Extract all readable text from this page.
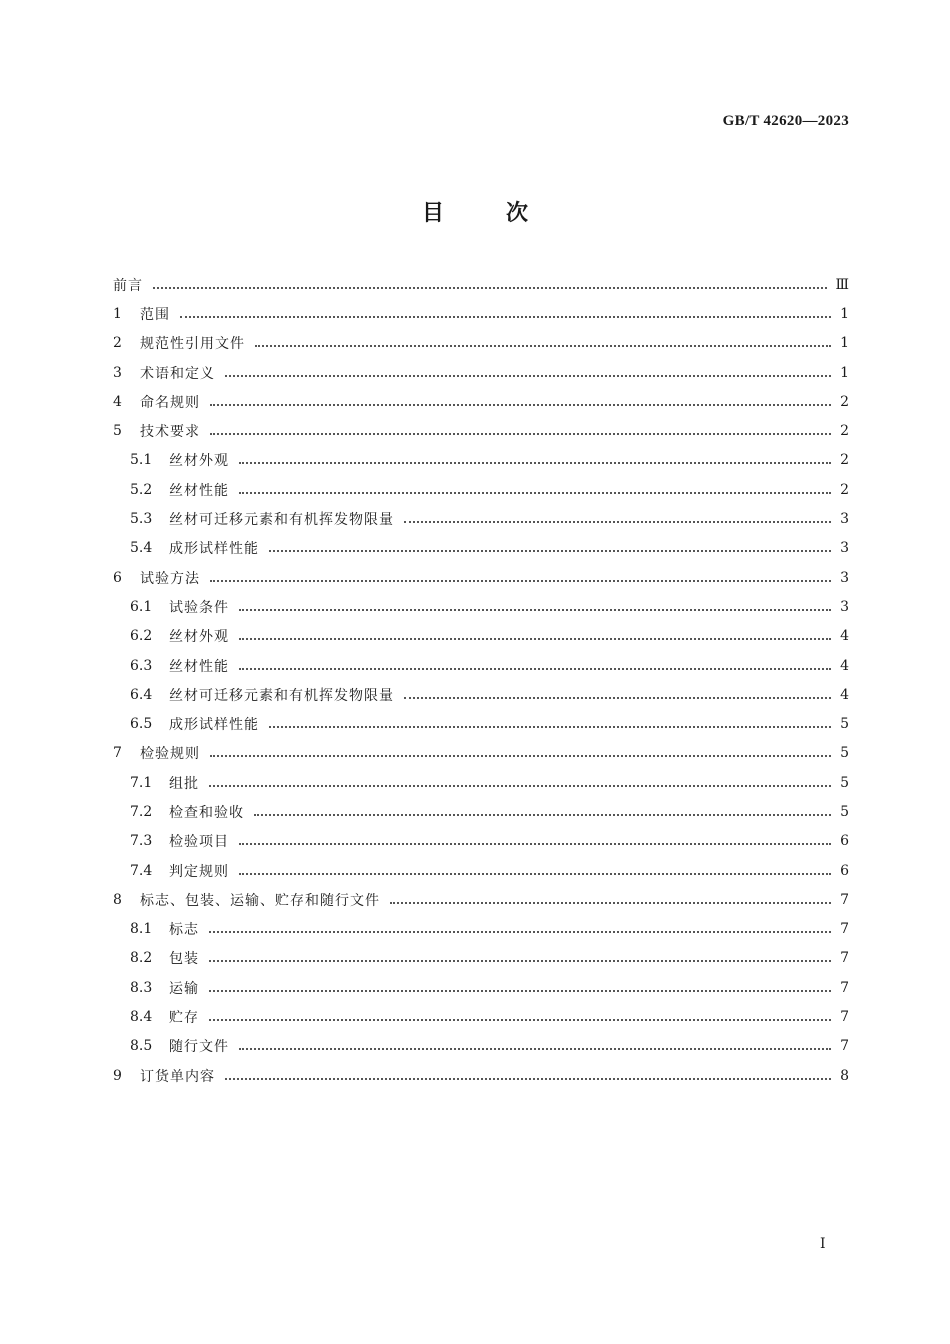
GB/T 42620—2023
目次
前言	Ⅲ
1	范围	1
2	规范性引用文件	1
3	术语和定义	1
4	命名规则	2
5	技术要求	2
5.1	丝材外观	2
5.2	丝材性能	2
5.3	丝材可迁移元素和有机挥发物限量	3
5.4	成形试样性能	3
6	试验方法	3
6.1	试验条件	3
6.2	丝材外观	4
6.3	丝材性能	4
6.4	丝材可迁移元素和有机挥发物限量	4
6.5	成形试样性能	5
7	检验规则	5
7.1	组批	5
7.2	检查和验收	5
7.3	检验项目	6
7.4	判定规则	6
8	标志、包装、运输、贮存和随行文件	7
8.1	标志	7
8.2	包装	7
8.3	运输	7
8.4	贮存	7
8.5	随行文件	7
9	订货单内容	8
Ⅰ
